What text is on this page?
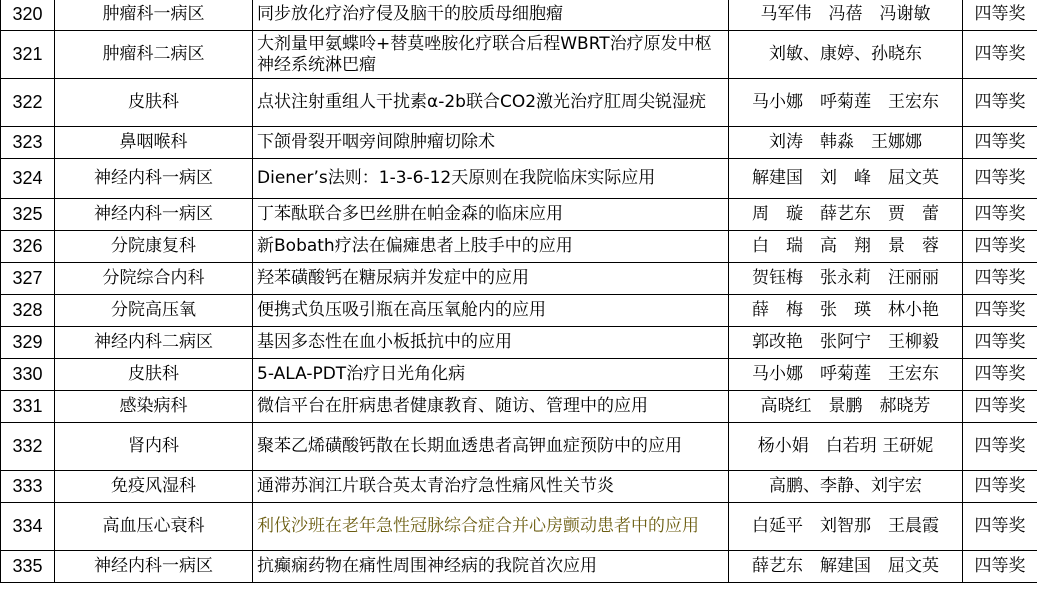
320	肿瘤科一病区	同步放化疗治疗侵及脑干的胶质母细胞瘤	马军伟　冯蓓　冯谢敏	四等奖
321	肿瘤科二病区	大剂量甲氨蝶呤+替莫唑胺化疗联合后程WBRT治疗原发中枢神经系统淋巴瘤	刘敏、康婷、孙晓东	四等奖
322	皮肤科	点状注射重组人干扰素α-2b联合CO2激光治疗肛周尖锐湿疣	马小娜　呼菊莲　王宏东	四等奖
323	鼻咽喉科	下颌骨裂开咽旁间隙肿瘤切除术	刘涛　韩淼　王娜娜	四等奖
324	神经内科一病区	Diener’s法则：1-3-6-12天原则在我院临床实际应用	解建国　刘　峰　屈文英	四等奖
325	神经内科一病区	丁苯酞联合多巴丝肼在帕金森的临床应用	周　璇　薛艺东　贾　蕾	四等奖
326	分院康复科	新Bobath疗法在偏瘫患者上肢手中的应用	白　瑞　高　翔　景　蓉	四等奖
327	分院综合内科	羟苯磺酸钙在糖尿病并发症中的应用	贺钰梅　张永莉　汪丽丽	四等奖
328	分院高压氧	便携式负压吸引瓶在高压氧舱内的应用	薛　梅　张　瑛　林小艳	四等奖
329	神经内科二病区	基因多态性在血小板抵抗中的应用	郭改艳　张阿宁　王柳毅	四等奖
330	皮肤科	5-ALA-PDT治疗日光角化病	马小娜　呼菊莲　王宏东	四等奖
331	感染病科	微信平台在肝病患者健康教育、随访、管理中的应用	高晓红　景鹏　郝晓芳	四等奖
332	肾内科	聚苯乙烯磺酸钙散在长期血透患者高钾血症预防中的应用	杨小娟　白若玥 王研妮	四等奖
333	免疫风湿科	通滞苏润江片联合英太青治疗急性痛风性关节炎	高鹏、李静、刘宇宏	四等奖
334	高血压心衰科	利伐沙班在老年急性冠脉综合症合并心房颤动患者中的应用	白延平　刘智那　王晨霞	四等奖
335	神经内科一病区	抗癫痫药物在痛性周围神经病的我院首次应用	薛艺东　解建国　屈文英	四等奖
